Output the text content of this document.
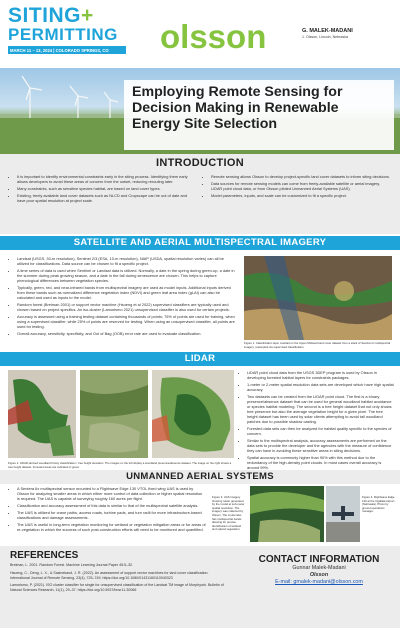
SITING+
PERMITTING
MARCH 11 – 13, 2024 | COLORADO SPRINGS, CO	olsson	G. MALEK-MADANI
1. Olsson, Lincoln, Nebraska
Employing Remote Sensing for Decision Making in Renewable Energy Site Selection
INTRODUCTION
• It is important to identify environmental constraints early in the siting process. Identifying them early allows developers to avoid these areas of concern from the outset, reducing rerouting later.
• Many constraints, such as sensitive species habitat, are based on land cover types.
• Existing, freely available land cover datasets such as NLCD and Cropscape can be out of date and have poor spatial resolution at project scale.
• Remote sensing allows Olsson to develop project-specific land cover datasets to inform siting decisions.
• Data sources for remote sensing models can come from freely-available satellite or aerial imagery, LiDAR point cloud data, or from Olsson piloted Unmanned Aerial Systems (UAS).
• Model parameters, inputs, and scale can be customized to fit a specific project.
SATELLITE AND AERIAL MULTISPECTRAL IMAGERY
• Landsat (USGS, 30-m resolution), Sentinel 2/3 (ESA, 10-m resolution), NAIP (USDA, spatial resolution varies) can all be utilized for classifications. Data source can be chosen to fit a specific project.
• A time series of data is used when Sentinel or Landsat data is utilized. Normally, a date in the spring during green-up, a date in the summer during peak growing season, and a date in the fall during senescence are chosen. This helps to capture phenological differences between vegetation species.
• Typically, green, red, and near-infrared bands from multispectral imagery are used as model inputs. Additional inputs derived from these bands such as normalized difference vegetation index (NDVI) and green leaf area index (gLAI) can also be calculated and used as inputs to the model.
• Random forest (Breiman 2001) or support vector machine (Hsueng et al 2022) supervised classifiers are typically used and chosen based on project specifics. An iso-cluster (Lamorismo 2021) unsupervised classifier is also used for certain projects.
• Accuracy is assessed using a training testing dataset containing thousands of points; 75% of points are used for training, when using a supervised classifier, while 25% of points are reserved for testing. When using an unsupervised classifier, all points are used for testing.
• Overall accuracy, sensitivity, specificity, and Out of Bag (OOB) error rate are used to evaluate classification.
Figure 1. Classification layer overlaid on the Upper Midwest land cover dataset from a stack of Sentinel 2 multispectral imagery, resampled via supervised classification.
LIDAR
Figure 2. LiDAR-derived woodland binary classification / tree height elevation. The images on the left display a woodland presence/absence dataset. The image on the right shows a tree height dataset. Forested areas are indicated in green.
• LiDAR point cloud data from the USGS 3DEP program is used by Olsson in developing forested habitat layers for constraints packages.
• 1-meter or 2-meter spatial resolution data sets are developed which have high spatial accuracy.
• Two datasets can be created from the LiDAR point cloud. The first is a binary presence/absence dataset that can be used for general woodland habitat avoidance or species habitat modeling. The second is a tree height dataset that not only shows tree presence but also the average vegetation height for a given pixel. The tree height dataset has been used by solar clients attempting to avoid tall woodland patches due to possible shadow casting.
• Forested data sets can then be analyzed for habitat quality specific to the species of concern.
• Similar to the multispectral analysis, accuracy assessments are performed on the data sets to provide the developer and the agencies with the measure of confidence they can have in avoiding these sensitive areas in siting decisions.
• Spatial accuracy is commonly higher than 90% with this method due to the redundancy of the high-density point clouds. In most cases overall accuracy is around 99%.
UNMANNED AERIAL SYSTEMS
• A Sentera 6x multispectral sensor mounted to a Flightwave Edge 130 VTOL fixed wing UAS is used by Olsson for analyzing smaller areas in which either more control of data collection or higher spatial resolution is required. The UAS is capable of surveying roughly 160 acres per flight.
• Classification and accuracy assessment of this data is similar to that of the multispectral satellite analysis.
• The UAS is utilized for crane paths, access roads, turbine pads, and turn radii for more infrastructure-based classifications and damage assessments.
• The UAS is useful in long-term vegetation monitoring for wetland or vegetation mitigation areas or for areas of re-vegetation in which the success of such post-construction efforts will need to be monitored and quantified.
Figure 3. UAS imagery showing raster generated by the model at sub-meter spatial resolution. The imagery was collected by Olsson. The model also has multispectral bands allowing for precise identification of wetland and upland vegetation.
Figure 4. Flightwave Edge 130 at the Ogallala Airport (Nebraska). Photo by ground operations manager.
REFERENCES

Breiman, L. 2001. Random Forest. Machine Learning Journal Paper 45:5–32.

Hsueng, C., Deng, L. X., & Sasinekand, J. R. (2022). An assessment of support vector machines for land cover classification. International Journal of Remote Sensing, 23(4), 725–749. https://doi.org/10.1080/01431160110040323

Lamorismo, P. (2021). ISO cluster classifier for single for unsupervised classification of the Landsat TM image of Morphyork. Bulletin of Natural Sciences Research, 11(1), 29–37. https://doi.org/10.5937/bnsr11-30066

CONTACT INFORMATION
Gunnar Malek-Madani
Olsson
E-mail: gmalek-madani@olsson.com
